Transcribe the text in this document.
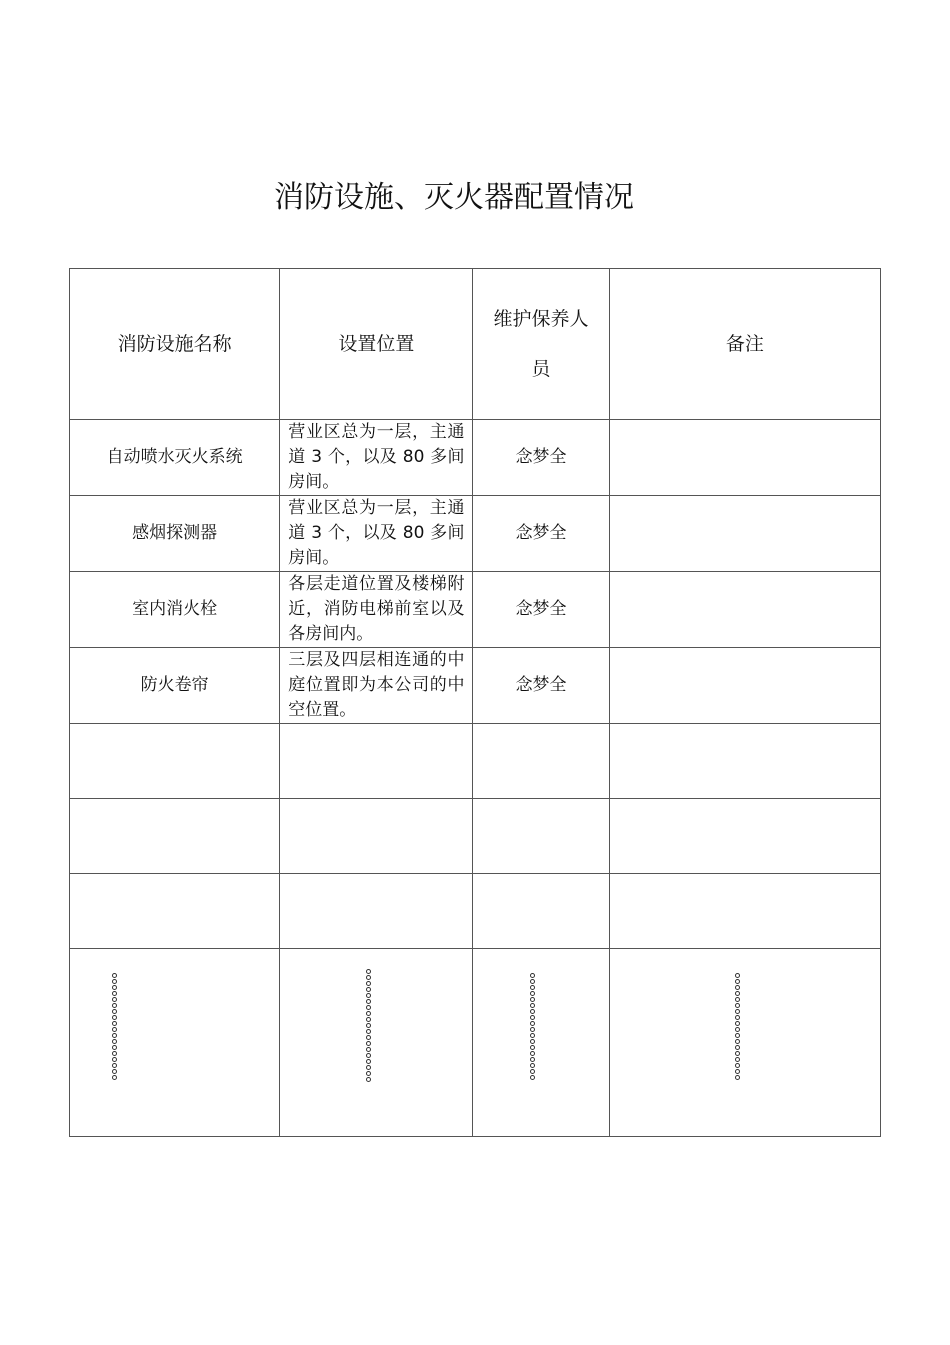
消防设施、灭火器配置情况
消防设施名称	设置位置	维护保养人员	备注
自动喷水灭火系统	营业区总为一层，主通道 3 个，以及 80 多间房间。	念梦全	
感烟探测器	营业区总为一层，主通道 3 个，以及 80 多间房间。	念梦全	
室内消火栓	各层走道位置及楼梯附近，消防电梯前室以及各房间内。	念梦全	
防火卷帘	三层及四层相连通的中庭位置即为本公司的中空位置。	念梦全	
